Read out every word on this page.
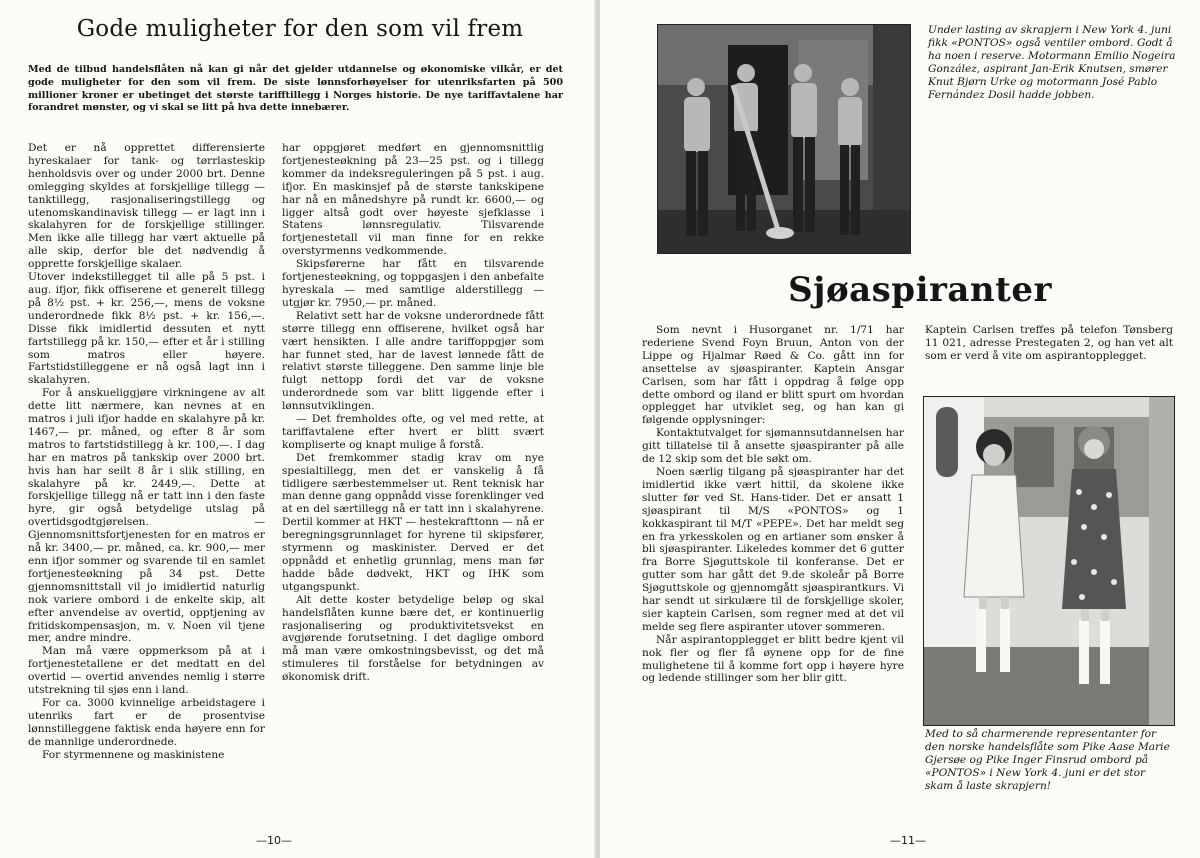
Gode muligheter for den som vil frem

Med de tilbud handelsflåten nå kan gi når det gjelder utdannelse og økonomiske vilkår, er det gode muligheter for den som vil frem. De siste lønnsforhøyelser for utenriksfarten på 500 millioner kroner er ubetinget det største tarifftillegg i Norges historie. De nye tariffavtalene har forandret mønster, og vi skal se litt på hva dette innebærer.

Det er nå opprettet differensierte hyreskalaer for tank- og tørrlasteskip henholdsvis over og under 2000 brt. Denne omlegging skyldes at forskjellige tillegg — tanktillegg, rasjonaliseringstillegg og utenomskandinavisk tillegg — er lagt inn i skalahyren for de forskjellige stillinger. Men ikke alle tillegg har vært aktuelle på alle skip, derfor ble det nødvendig å opprette forskjellige skalaer.

Utover indekstillegget til alle på 5 pst. i aug. ifjor, fikk offiserene et generelt tillegg på 8½ pst. + kr. 256,—, mens de voksne underordnede fikk 8½ pst. + kr. 156,—. Disse fikk imidlertid dessuten et nytt fartstillegg på kr. 150,— efter et år i stilling som matros eller høyere. Fartstidstilleggene er nå også lagt inn i skalahyren.

For å anskueliggjøre virkningene av alt dette litt nærmere, kan nevnes at en matros i juli ifjor hadde en skalahyre på kr. 1467,— pr. måned, og efter 8 år som matros to fartstidstillegg à kr. 100,—. I dag har en matros på tankskip over 2000 brt. hvis han har seilt 8 år i slik stilling, en skalahyre på kr. 2449,—. Dette at forskjellige tillegg nå er tatt inn i den faste hyre, gir også betydelige utslag på overtidsgodtgjørelsen. — Gjennomsnittsfortjenesten for en matros er nå kr. 3400,— pr. måned, ca. kr. 900,— mer enn ifjor sommer og svarende til en samlet fortjenesteøkning på 34 pst. Dette gjennomsnittstall vil jo imidlertid naturlig nok variere ombord i de enkelte skip, alt efter anvendelse av overtid, opptjening av fritidskompensasjon, m. v. Noen vil tjene mer, andre mindre.

Man må være oppmerksom på at i fortjenestetallene er det medtatt en del overtid — overtid anvendes nemlig i større utstrekning til sjøs enn i land.

For ca. 3000 kvinnelige arbeidstagere i utenriks fart er de prosentvise lønnstilleggene faktisk enda høyere enn for de mannlige underordnede.

For styrmennene og maskinistene

har oppgjøret medført en gjennomsnittlig fortjenesteøkning på 23—25 pst. og i tillegg kommer da indeksreguleringen på 5 pst. i aug. ifjor. En maskinsjef på de største tankskipene har nå en månedshyre på rundt kr. 6600,— og ligger altså godt over høyeste sjefklasse i Statens lønnsregulativ. Tilsvarende fortjenestetall vil man finne for en rekke overstyrmenns vedkommende.

Skipsførerne har fått en tilsvarende fortjenesteøkning, og toppgasjen i den anbefalte hyreskala — med samtlige alderstillegg — utgjør kr. 7950,— pr. måned.

Relativt sett har de voksne underordnede fått større tillegg enn offiserene, hvilket også har vært hensikten. I alle andre tariffoppgjør som har funnet sted, har de lavest lønnede fått de relativt største tilleggene. Den samme linje ble fulgt nettopp fordi det var de voksne underordnede som var blitt liggende efter i lønnsutviklingen.

— Det fremholdes ofte, og vel med rette, at tariffavtalene efter hvert er blitt svært kompliserte og knapt mulige å forstå.

Det fremkommer stadig krav om nye spesialtillegg, men det er vanskelig å få tidligere særbestemmelser ut. Rent teknisk har man denne gang oppnådd visse forenklinger ved at en del særtillegg nå er tatt inn i skalahyrene. Dertil kommer at HKT — hestekrafttonn — nå er beregningsgrunnlaget for hyrene til skipsfører, styrmenn og maskinister. Derved er det oppnådd et enhetlig grunnlag, mens man før hadde både dødvekt, HKT og IHK som utgangspunkt.

Alt dette koster betydelige beløp og skal handelsflåten kunne bære det, er kontinuerlig rasjonalisering og produktivitetsvekst en avgjørende forutsetning. I det daglige ombord må man være omkostningsbevisst, og det må stimuleres til forståelse for betydningen av økonomisk drift.

—10—

Under lasting av skrapjern i New York 4. juni fikk «PONTOS» også ventiler ombord. Godt å ha noen i reserve. Motormann Emilio Nogeira González, aspirant Jan-Erik Knutsen, smører Knut Bjørn Urke og motormann José Pablo Fernández Dosil hadde jobben.

Sjøaspiranter

Som nevnt i Husorganet nr. 1/71 har rederiene Svend Foyn Bruun, Anton von der Lippe og Hjalmar Røed & Co. gått inn for ansettelse av sjøaspiranter. Kaptein Ansgar Carlsen, som har fått i oppdrag å følge opp dette ombord og iland er blitt spurt om hvordan opplegget har utviklet seg, og han kan gi følgende opplysninger:

Kontaktutvalget for sjømannsutdannelsen har gitt tillatelse til å ansette sjøaspiranter på alle de 12 skip som det ble søkt om.

Noen særlig tilgang på sjøaspiranter har det imidlertid ikke vært hittil, da skolene ikke slutter før ved St. Hans-tider. Det er ansatt 1 sjøaspirant til M/S «PONTOS» og 1 kokkaspirant til M/T «PEPE». Det har meldt seg en fra yrkesskolen og en artianer som ønsker å bli sjøaspiranter. Likeledes kommer det 6 gutter fra Borre Sjøguttskole til konferanse. Det er gutter som har gått det 9.de skoleår på Borre Sjøguttskole og gjennomgått sjøaspirantkurs. Vi har sendt ut sirkulære til de forskjellige skoler, sier kaptein Carlsen, som regner med at det vil melde seg flere aspiranter utover sommeren.

Når aspirantopplegget er blitt bedre kjent vil nok fler og fler få øynene opp for de fine mulighetene til å komme fort opp i høyere hyre og ledende stillinger som her blir gitt.

Kaptein Carlsen treffes på telefon Tønsberg 11 021, adresse Prestegaten 2, og han vet alt som er verd å vite om aspirantopplegget.

Med to så charmerende representanter for den norske handelsflåte som Pike Aase Marie Gjersøe og Pike Inger Finsrud ombord på «PONTOS» i New York 4. juni er det stor skam å laste skrapjern!

—11—
